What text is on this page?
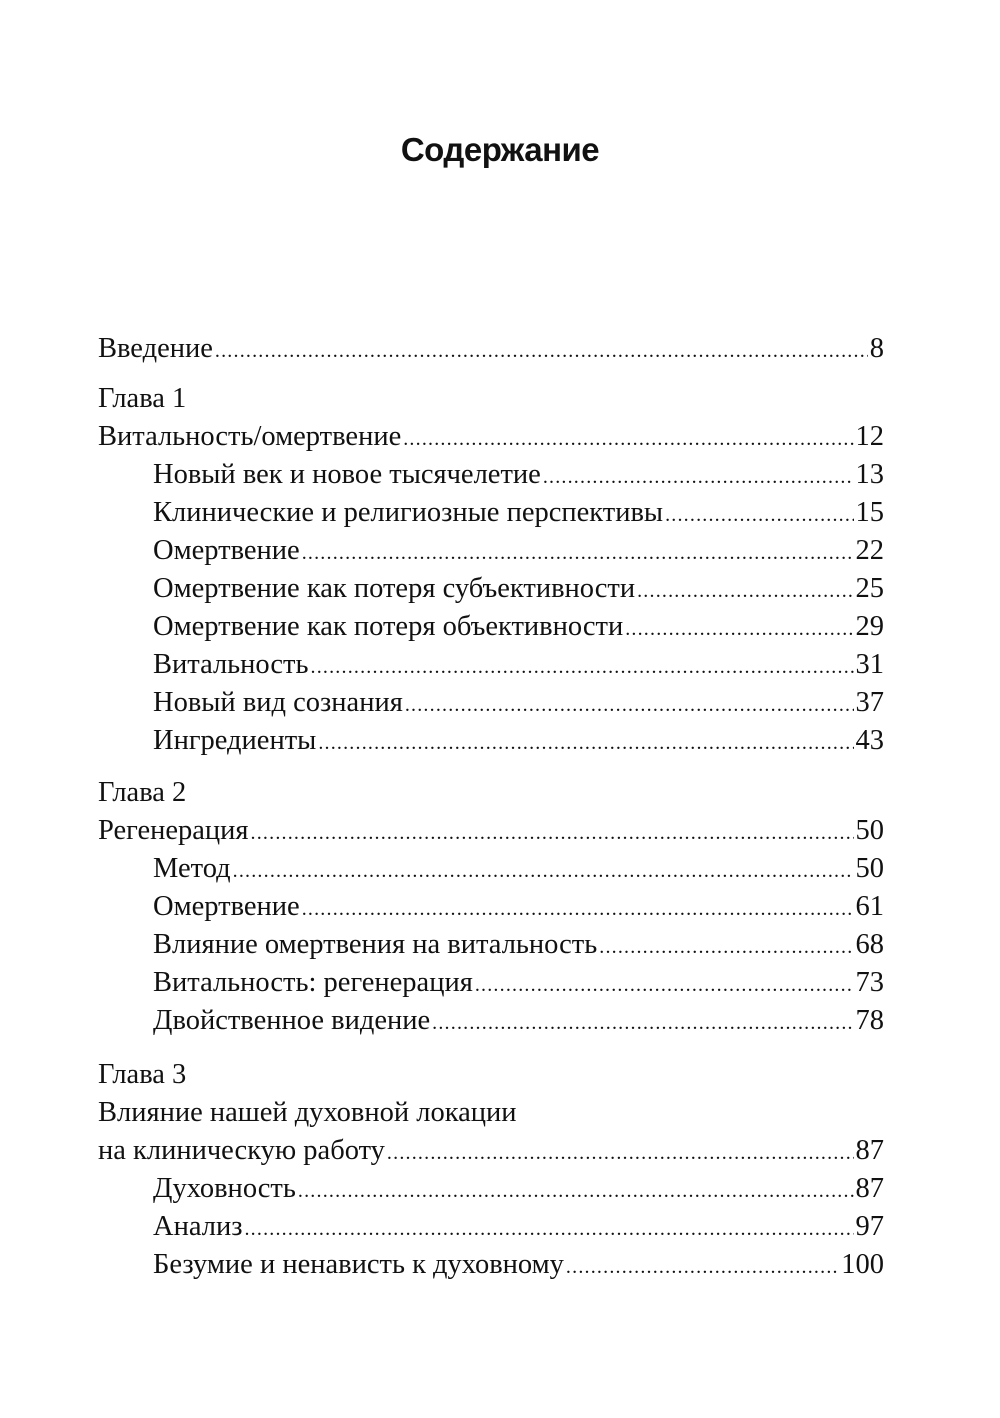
Содержание
Введение .....	8
Глава 1
Витальность/омертвение .....	12
Новый век и новое тысячелетие .....	13
Клинические и религиозные перспективы .....	15
Омертвение .....	22
Омертвение как потеря субъективности .....	25
Омертвение как потеря объективности .....	29
Витальность .....	31
Новый вид сознания .....	37
Ингредиенты .....	43
Глава 2
Регенерация .....	50
Метод .....	50
Омертвение .....	61
Влияние омертвения на витальность .....	68
Витальность: регенерация .....	73
Двойственное видение .....	78
Глава 3
Влияние нашей духовной локации
на клиническую работу .....	87
Духовность .....	87
Анализ .....	97
Безумие и ненависть к духовному .....	100
